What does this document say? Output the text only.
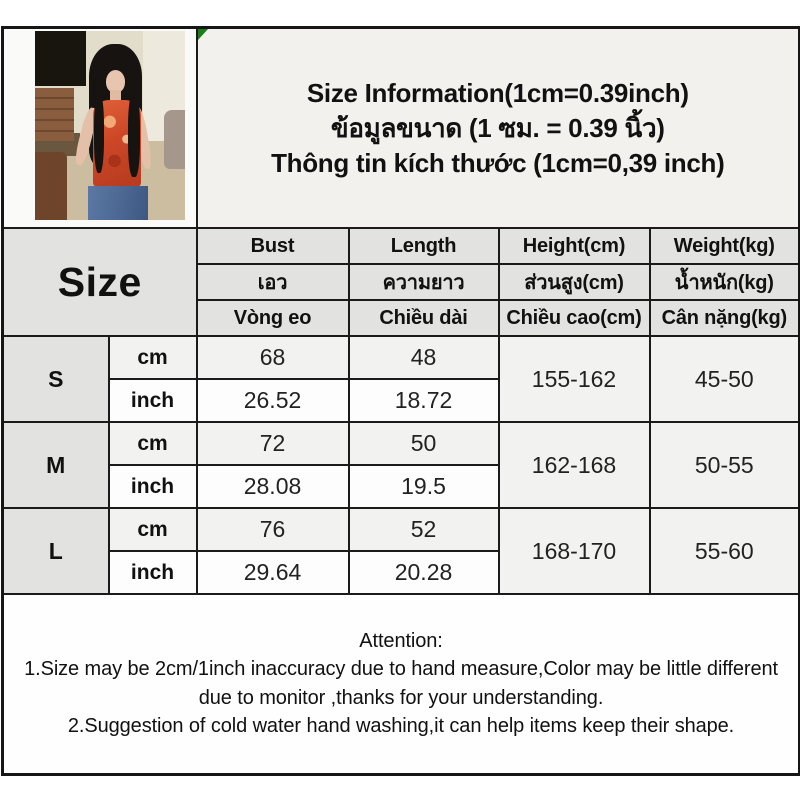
		Size Information(1cm=0.39inch)
ข้อมูลขนาด (1 ซม. = 0.39 นิ้ว)
Thông tin kích thước (1cm=0,39 inch)			

Size		Bust	Length	Height(cm)	Weight(kg)
		เอว	ความยาว	ส่วนสูง(cm)	น้ำหนัก(kg)
		Vòng eo	Chiều dài	Chiều cao(cm)	Cân nặng(kg)
S	cm	68	48	155-162	45-50
	inch	26.52	18.72		
M	cm	72	50	162-168	50-55
	inch	28.08	19.5		
L	cm	76	52	168-170	55-60
	inch	29.64	20.28		

Attention:
1.Size may be 2cm/1inch inaccuracy due to hand measure,Color may be little different due to monitor ,thanks for your understanding.
2.Suggestion of cold water hand washing,it can help items keep their shape.					
